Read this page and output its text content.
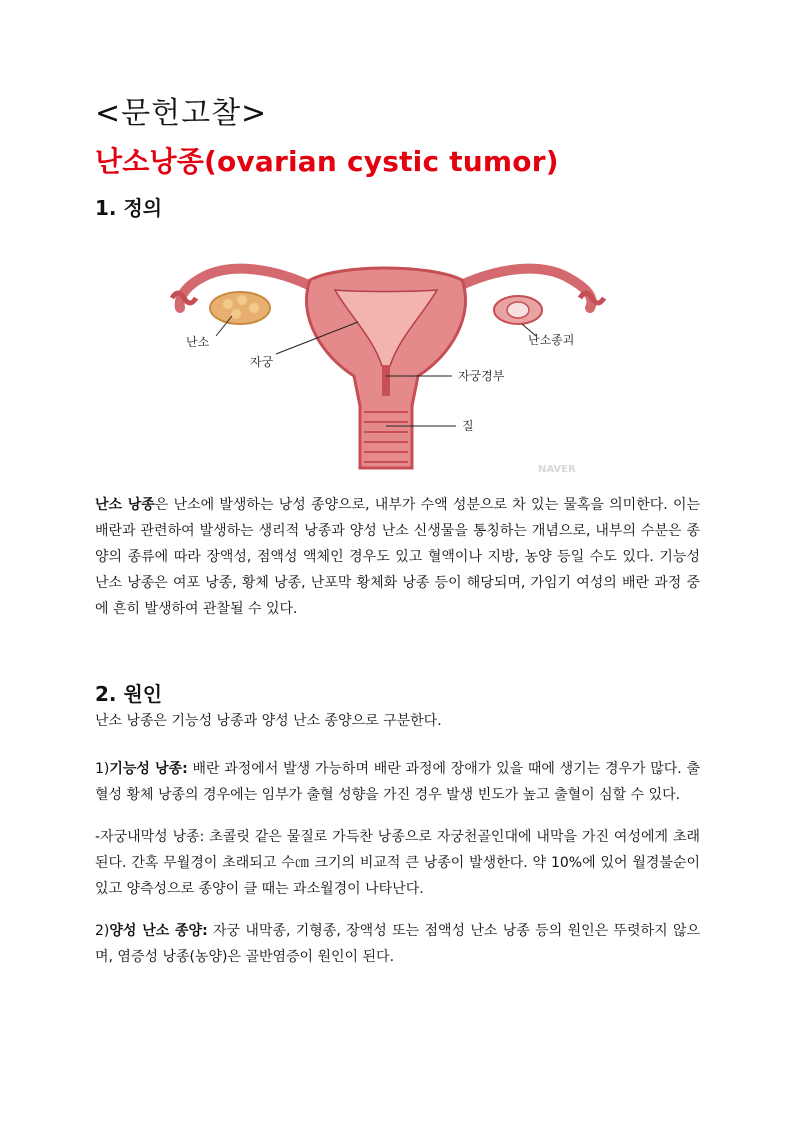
<문헌고찰>
난소낭종(ovarian cystic tumor)
1. 정의
난소
자궁
자궁경부
질
난소종괴
NAVER

난소 낭종은 난소에 발생하는 낭성 종양으로, 내부가 수액 성분으로 차 있는 물혹을 의미한다. 이는 배란과 관련하여 발생하는 생리적 낭종과 양성 난소 신생물을 통칭하는 개념으로, 내부의 수분은 종양의 종류에 따라 장액성, 점액성 액체인 경우도 있고 혈액이나 지방, 농양 등일 수도 있다. 기능성 난소 낭종은 여포 낭종, 황체 낭종, 난포막 황체화 낭종 등이 해당되며, 가임기 여성의 배란 과정 중에 흔히 발생하여 관찰될 수 있다.

2. 원인

난소 낭종은 기능성 낭종과 양성 난소 종양으로 구분한다.

1)기능성 낭종: 배란 과정에서 발생 가능하며 배란 과정에 장애가 있을 때에 생기는 경우가 많다. 출혈성 황체 낭종의 경우에는 임부가 출혈 성향을 가진 경우 발생 빈도가 높고 출혈이 심할 수 있다.

-자궁내막성 낭종: 초콜릿 같은 물질로 가득찬 낭종으로 자궁천골인대에 내막을 가진 여성에게 초래된다. 간혹 무월경이 초래되고 수㎝ 크기의 비교적 큰 낭종이 발생한다. 약 10%에 있어 월경불순이 있고 양측성으로 종양이 클 때는 과소월경이 나타난다.

2)양성 난소 종양: 자궁 내막종, 기형종, 장액성 또는 점액성 난소 낭종 등의 원인은 뚜렷하지 않으며, 염증성 낭종(농양)은 골반염증이 원인이 된다.
